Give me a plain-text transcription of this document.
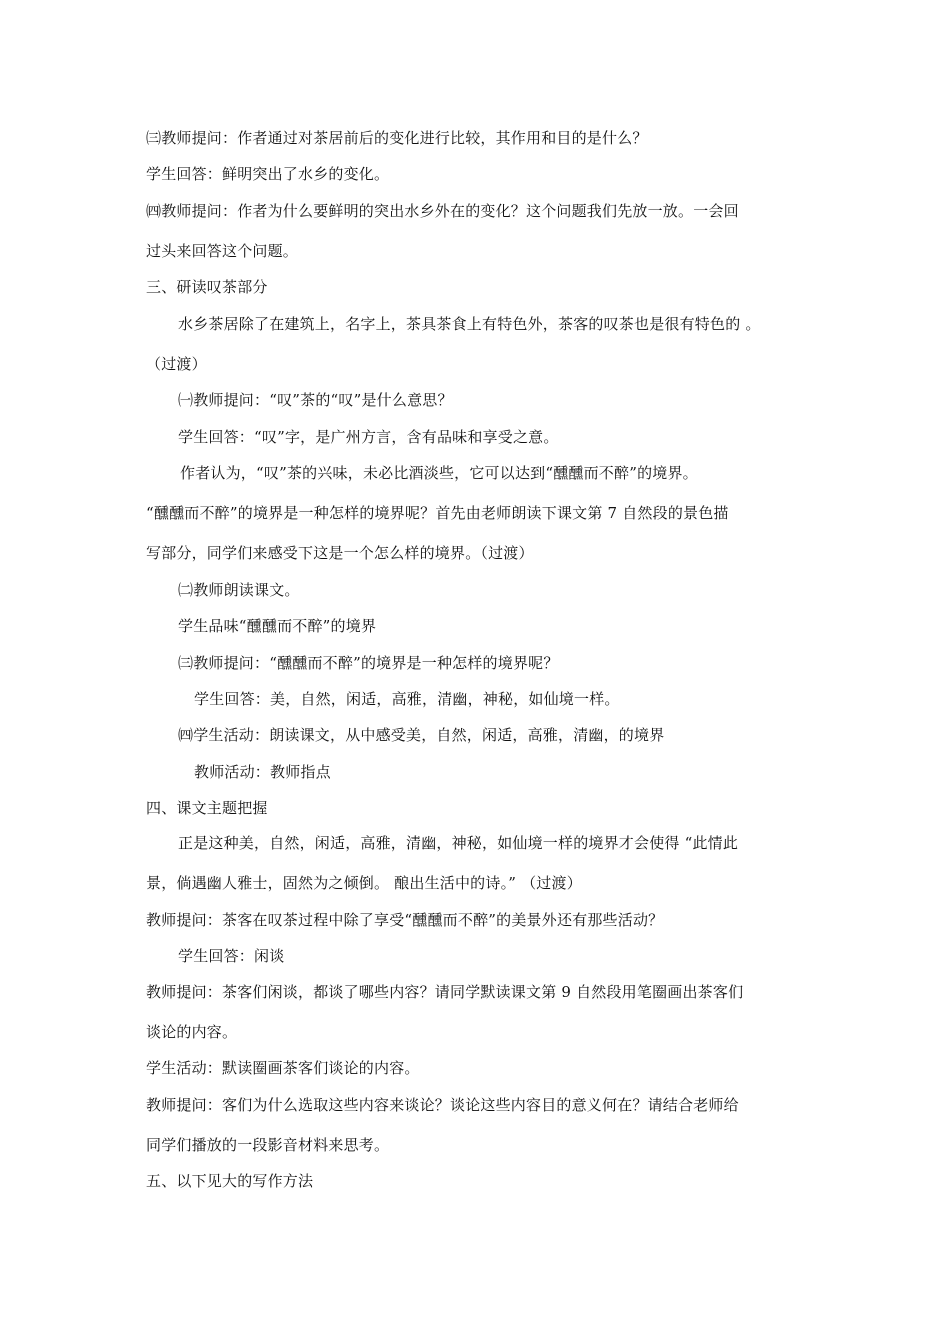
㈢教师提问：作者通过对茶居前后的变化进行比较，其作用和目的是什么？
学生回答：鲜明突出了水乡的变化。
㈣教师提问：作者为什么要鲜明的突出水乡外在的变化？这个问题我们先放一放。一会回
过头来回答这个问题。
三、研读叹茶部分
水乡茶居除了在建筑上，名字上，茶具茶食上有特色外，茶客的叹茶也是很有特色的 。
（过渡）
㈠教师提问：“叹”茶的“叹”是什么意思？
学生回答：“叹”字，是广州方言，含有品味和享受之意。
作者认为，“叹”茶的兴味，未必比酒淡些，它可以达到“醺醺而不醉”的境界。
“醺醺而不醉”的境界是一种怎样的境界呢？首先由老师朗读下课文第 7 自然段的景色描
写部分，同学们来感受下这是一个怎么样的境界。（过渡）
㈡教师朗读课文。
学生品味“醺醺而不醉”的境界
㈢教师提问：“醺醺而不醉”的境界是一种怎样的境界呢？
学生回答：美，自然，闲适，高雅，清幽，神秘，如仙境一样。
㈣学生活动：朗读课文，从中感受美，自然，闲适，高雅，清幽，的境界
教师活动：教师指点
四、课文主题把握
正是这种美，自然，闲适，高雅，清幽，神秘，如仙境一样的境界才会使得 “此情此
景，倘遇幽人雅士，固然为之倾倒。 酿出生活中的诗。” （过渡）
教师提问：茶客在叹茶过程中除了享受“醺醺而不醉”的美景外还有那些活动？
学生回答：闲谈
教师提问：茶客们闲谈，都谈了哪些内容？请同学默读课文第 9 自然段用笔圈画出茶客们
谈论的内容。
学生活动：默读圈画茶客们谈论的内容。
教师提问：客们为什么选取这些内容来谈论？谈论这些内容目的意义何在？请结合老师给
同学们播放的一段影音材料来思考。
五、以下见大的写作方法
